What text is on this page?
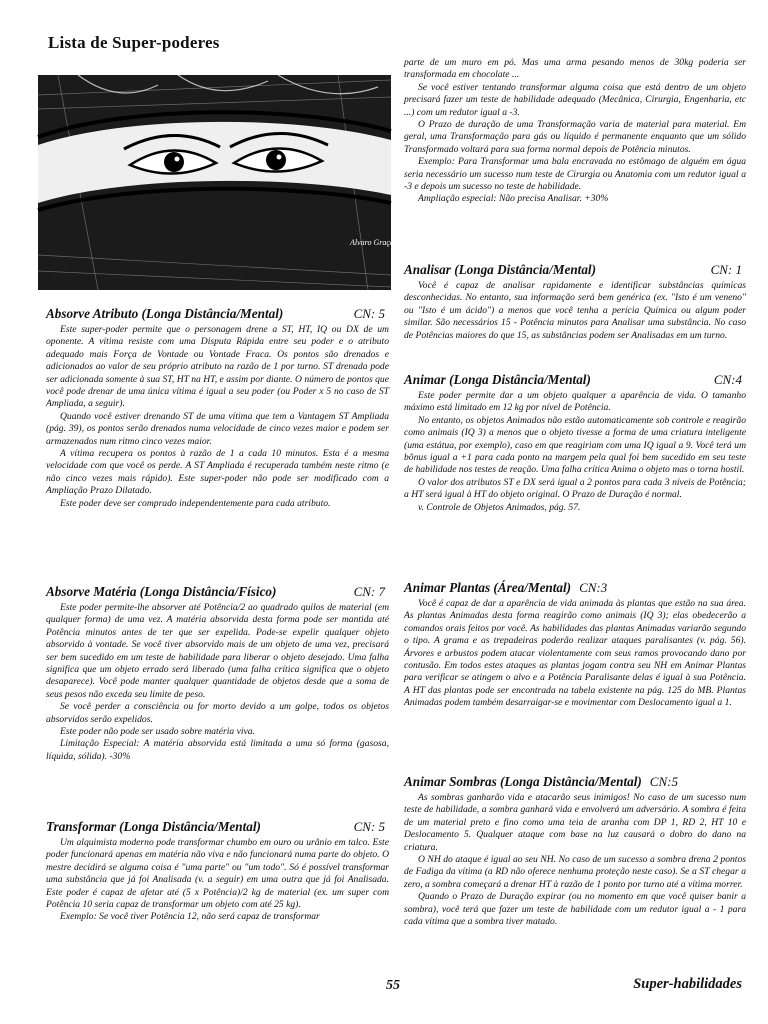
Lista de Super-poderes
Alvaro Graça 91
Absorve Atributo (Longa Distância/Mental)	CN: 5

Este super-poder permite que o personagem drene a ST, HT, IQ ou DX de um oponente. A vítima resiste com uma Disputa Rápida entre seu poder e o atributo adequado mais Força de Vontade ou Vontade Fraca. Os pontos são drenados e adicionados ao valor de seu próprio atributo na razão de 1 por turno. ST drenada pode ser adicionada somente à sua ST, HT na HT, e assim por diante. O número de pontos que você pode drenar de uma única vítima é igual a seu poder (ou Poder x 5 no caso de ST Ampliada, a seguir).

Quando você estiver drenando ST de uma vítima que tem a Vantagem ST Ampliada (pág. 39), os pontos serão drenados numa velocidade de cinco vezes maior e podem ser armazenados num ritmo cinco vezes maior.

A vítima recupera os pontos à razão de 1 a cada 10 minutos. Esta é a mesma velocidade com que você os perde. A ST Ampliada é recuperada também neste ritmo (e não cinco vezes mais rápido). Este super-poder não pode ser modificado com a Ampliação Prazo Dilatado.

Este poder deve ser comprado independentemente para cada atributo.

Absorve Matéria (Longa Distância/Físico)	CN: 7

Este poder permite-lhe absorver até Potência/2 ao quadrado quilos de material (em qualquer forma) de uma vez. A matéria absorvida desta forma pode ser mantida até Potência minutos antes de ter que ser expelida. Pode-se expelir qualquer objeto absorvido à vontade. Se você tiver absorvido mais de um objeto de uma vez, precisará ser bem sucedido em um teste de habilidade para liberar o objeto desejado. Uma falha significa que um objeto errado será liberado (uma falha crítica significa que o objeto desaparece). Você pode manter qualquer quantidade de objetos desde que a soma de seus pesos não exceda seu limite de peso.

Se você perder a consciência ou for morto devido a um golpe, todos os objetos absorvidos serão expelidos.

Este poder não pode ser usado sobre matéria viva.

Limitação Especial: A matéria absorvida está limitada a uma só forma (gasosa, líquida, sólida). -30%

Transformar (Longa Distância/Mental)	CN: 5

Um alquimista moderno pode transformar chumbo em ouro ou urânio em talco. Este poder funcionará apenas em matéria não viva e não funcionará numa parte do objeto. O mestre decidirá se alguma coisa é "uma parte" ou "um todo". Só é possível transformar uma substância que já foi Analisada (v. a seguir) em uma outra que já foi Analisada. Este poder é capaz de afetar até (5 x Potência)/2 kg de material (ex. um super com Potência 10 seria capaz de transformar um objeto com até 25 kg).

Exemplo: Se você tiver Potência 12, não será capaz de transformar

parte de um muro em pó. Mas uma arma pesando menos de 30kg poderia ser transformada em chocolate ...

Se você estiver tentando transformar alguma coisa que está dentro de um objeto precisará fazer um teste de habilidade adequado (Mecânica, Cirurgia, Engenharia, etc ...) com um redutor igual a -3.

O Prazo de duração de uma Transformação varia de material para material. Em geral, uma Transformação para gás ou líquido é permanente enquanto que um sólido Transformado voltará para sua forma normal depois de Potência minutos.

Exemplo: Para Transformar uma bala encravada no estômago de alguém em água seria necessário um sucesso num teste de Cirurgia ou Anatomia com um redutor igual a -3 e depois um sucesso no teste de habilidade.

Ampliação especial: Não precisa Analisar. +30%

Analisar (Longa Distância/Mental)	CN: 1

Você é capaz de analisar rapidamente e identificar substâncias químicas desconhecidas. No entanto, sua informação será bem genérica (ex. "Isto é um veneno" ou "Isto é um ácido") a menos que você tenha a perícia Química ou algum poder similar. São necessários 15 - Potência minutos para Analisar uma substância. No caso de Potências maiores do que 15, as substâncias podem ser Analisadas em um turno.

Animar (Longa Distância/Mental)	CN:4

Este poder permite dar a um objeto qualquer a aparência de vida. O tamanho máximo está limitado em 12 kg por nível de Potência.

No entanto, os objetos Animados não estão automaticamente sob controle e reagirão como animais (IQ 3) a menos que o objeto tivesse a forma de uma criatura inteligente (uma estátua, por exemplo), caso em que reagiriam com uma IQ igual a 9. Você terá um bônus igual a +1 para cada ponto na margem pela qual foi bem sucedido em seu teste de habilidade nos testes de reação. Uma falha crítica Anima o objeto mas o torna hostil.

O valor dos atributos ST e DX será igual a 2 pontos para cada 3 níveis de Potência; a HT será igual à HT do objeto original. O Prazo de Duração é normal.

v. Controle de Objetos Animados, pág. 57.

Animar Plantas (Área/Mental) CN:3

Você é capaz de dar a aparência de vida animada às plantas que estão na sua área. As plantas Animadas desta forma reagirão como animais (IQ 3); elas obedecerão a comandos orais feitos por você. As habilidades das plantas Animadas variarão segundo o tipo. A grama e as trepadeiras poderão realizar ataques paralisantes (v. pág. 56). Árvores e arbustos podem atacar violentamente com seus ramos provocando dano por contusão. Em todos estes ataques as plantas jogam contra seu NH em Animar Plantas para verificar se atingem o alvo e a Potência Paralisante delas é igual à sua Potência. A HT das plantas pode ser encontrada na tabela existente na pág. 125 do MB. Plantas Animadas podem também desarraigar-se e movimentar com Deslocamento igual a 1.

Animar Sombras (Longa Distância/Mental) CN:5

As sombras ganharão vida e atacarão seus inimigos! No caso de um sucesso num teste de habilidade, a sombra ganhará vida e envolverá um adversário. A sombra é feita de um material preto e fino como uma teia de aranha com DP 1, RD 2, HT 10 e Deslocamento 5. Qualquer ataque com base na luz causará o dobro do dano na criatura.

O NH do ataque é igual ao seu NH. No caso de um sucesso a sombra drena 2 pontos de Fadiga da vítima (a RD não oferece nenhuma proteção neste caso). Se a ST chegar a zero, a sombra começará a drenar HT à razão de 1 ponto por turno até a vítima morrer.

Quando o Prazo de Duração expirar (ou no momento em que você quiser banir a sombra), você terá que fazer um teste de habilidade com um redutor igual a - 1 para cada vítima que a sombra tiver matado.

55	Super-habilidades
